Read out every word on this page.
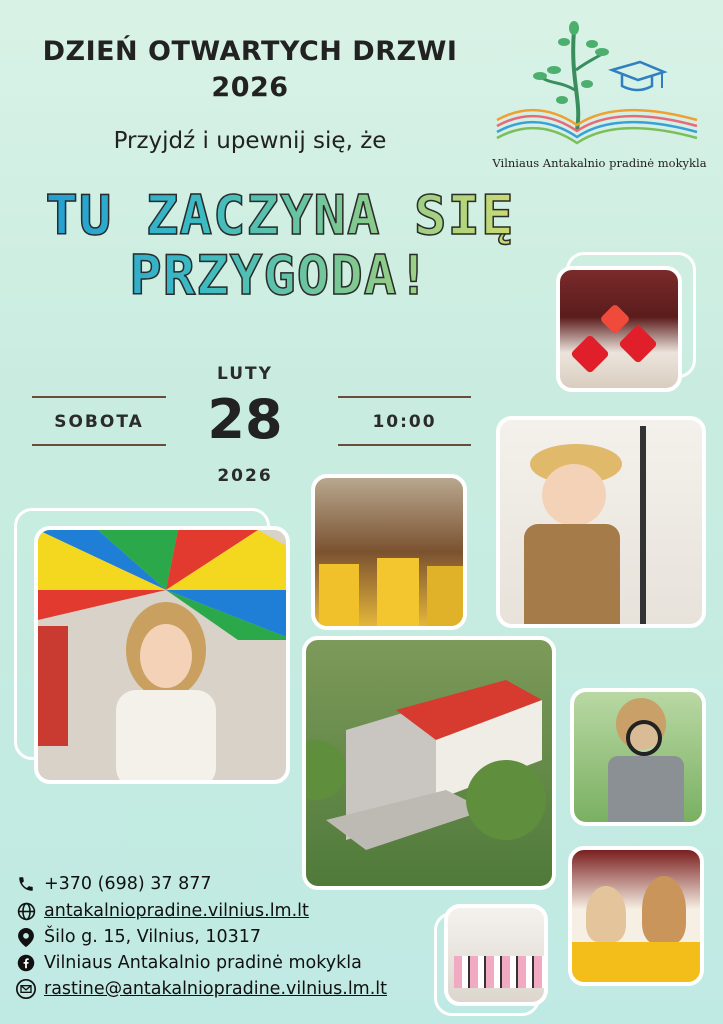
DZIEŃ OTWARTYCH DRZWI
2026
Przyjdź i upewnij się, że
TU ZACZYNA SIĘ
PRZYGODA!
Vilniaus Antakalnio pradinė mokykla
LUTY
SOBOTA	28	10:00
2026
+370 (698) 37 877
antakalniopradine.vilnius.lm.lt
Šilo g. 15, Vilnius, 10317
Vilniaus Antakalnio pradinė mokykla
rastine@antakalniopradine.vilnius.lm.lt
